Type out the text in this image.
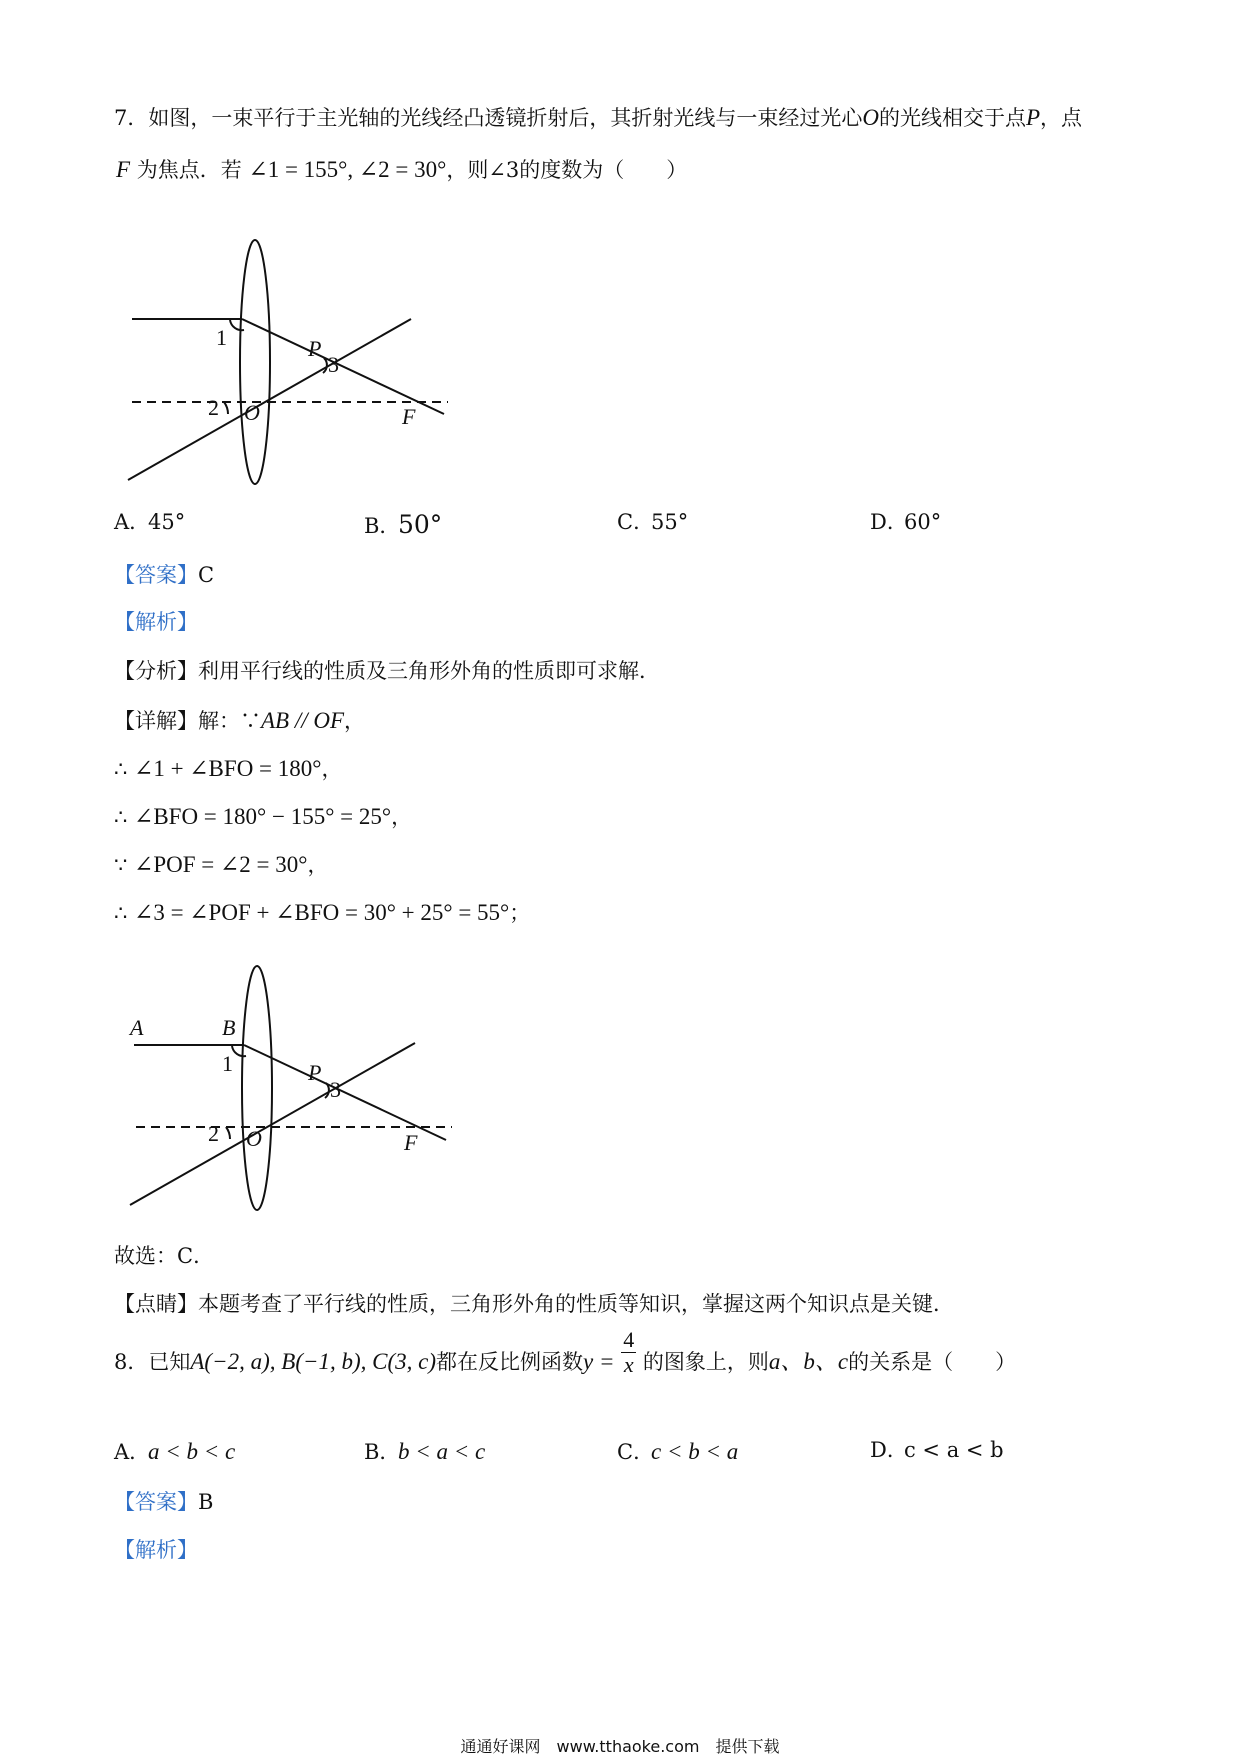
7．如图，一束平行于主光轴的光线经凸透镜折射后，其折射光线与一束经过光心O的光线相交于点P，点
F 为焦点．若 ∠1 = 155°, ∠2 = 30°，则∠3的度数为（　　）
1
2
3
P
O	F
A．45°	B．50°	C．55°	D．60°
【答案】C
【解析】
【分析】利用平行线的性质及三角形外角的性质即可求解．
【详解】解：∵AB // OF，
∴ ∠1 + ∠BFO = 180°，
∴ ∠BFO = 180° − 155° = 25°，
∵ ∠POF = ∠2 = 30°，
∴ ∠3 = ∠POF + ∠BFO = 30° + 25° = 55°；
A	B
1
2
3
P
O	F
故选：C．
【点睛】本题考查了平行线的性质，三角形外角的性质等知识，掌握这两个知识点是关键．
8．已知A(−2, a), B(−1, b), C(3, c)都在反比例函数$y = \frac{4}{x}$ 的图象上，则a、b、c的关系是（　　）
A．a < b < c	B．b < a < c	C．c < b < a	D．c < a < b
【答案】B
【解析】
通通好课网　www.tthaoke.com　提供下载
